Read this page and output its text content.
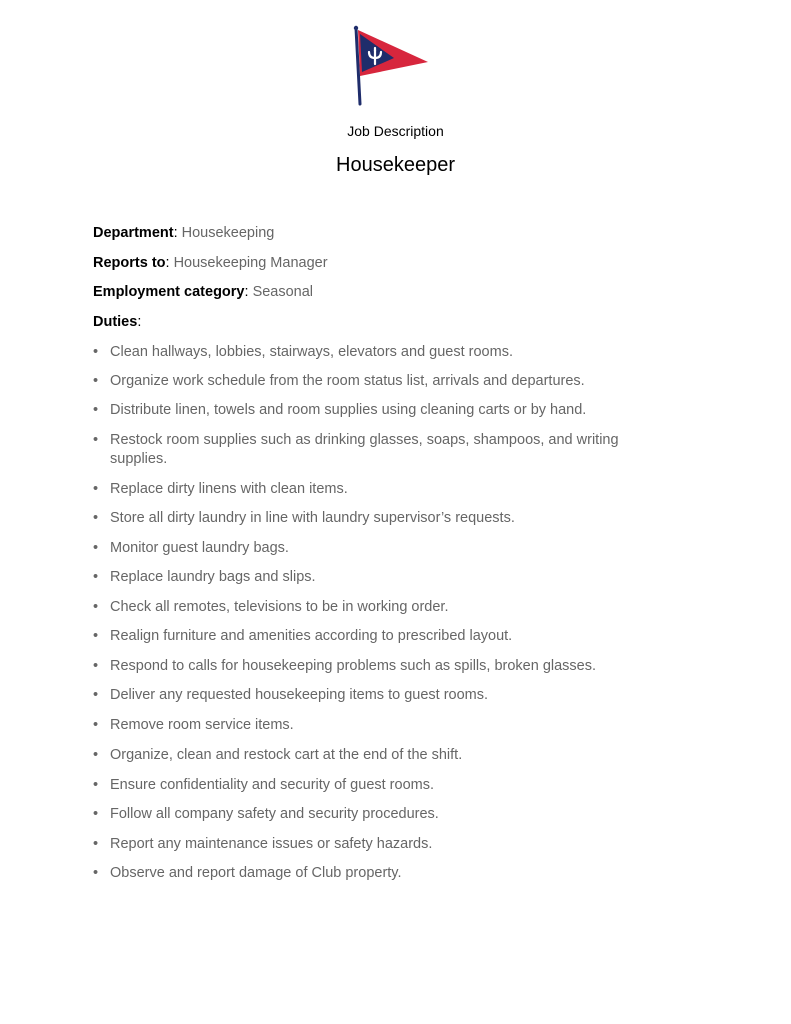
Job Description
Housekeeper
Department: Housekeeping
Reports to: Housekeeping Manager
Employment category: Seasonal
Duties:
• Clean hallways, lobbies, stairways, elevators and guest rooms.
• Organize work schedule from the room status list, arrivals and departures.
• Distribute linen, towels and room supplies using cleaning carts or by hand.
• Restock room supplies such as drinking glasses, soaps, shampoos, and writing supplies.
• Replace dirty linens with clean items.
• Store all dirty laundry in line with laundry supervisor’s requests.
• Monitor guest laundry bags.
• Replace laundry bags and slips.
• Check all remotes, televisions to be in working order.
• Realign furniture and amenities according to prescribed layout.
• Respond to calls for housekeeping problems such as spills, broken glasses.
• Deliver any requested housekeeping items to guest rooms.
• Remove room service items.
• Organize, clean and restock cart at the end of the shift.
• Ensure confidentiality and security of guest rooms.
• Follow all company safety and security procedures.
• Report any maintenance issues or safety hazards.
• Observe and report damage of Club property.
